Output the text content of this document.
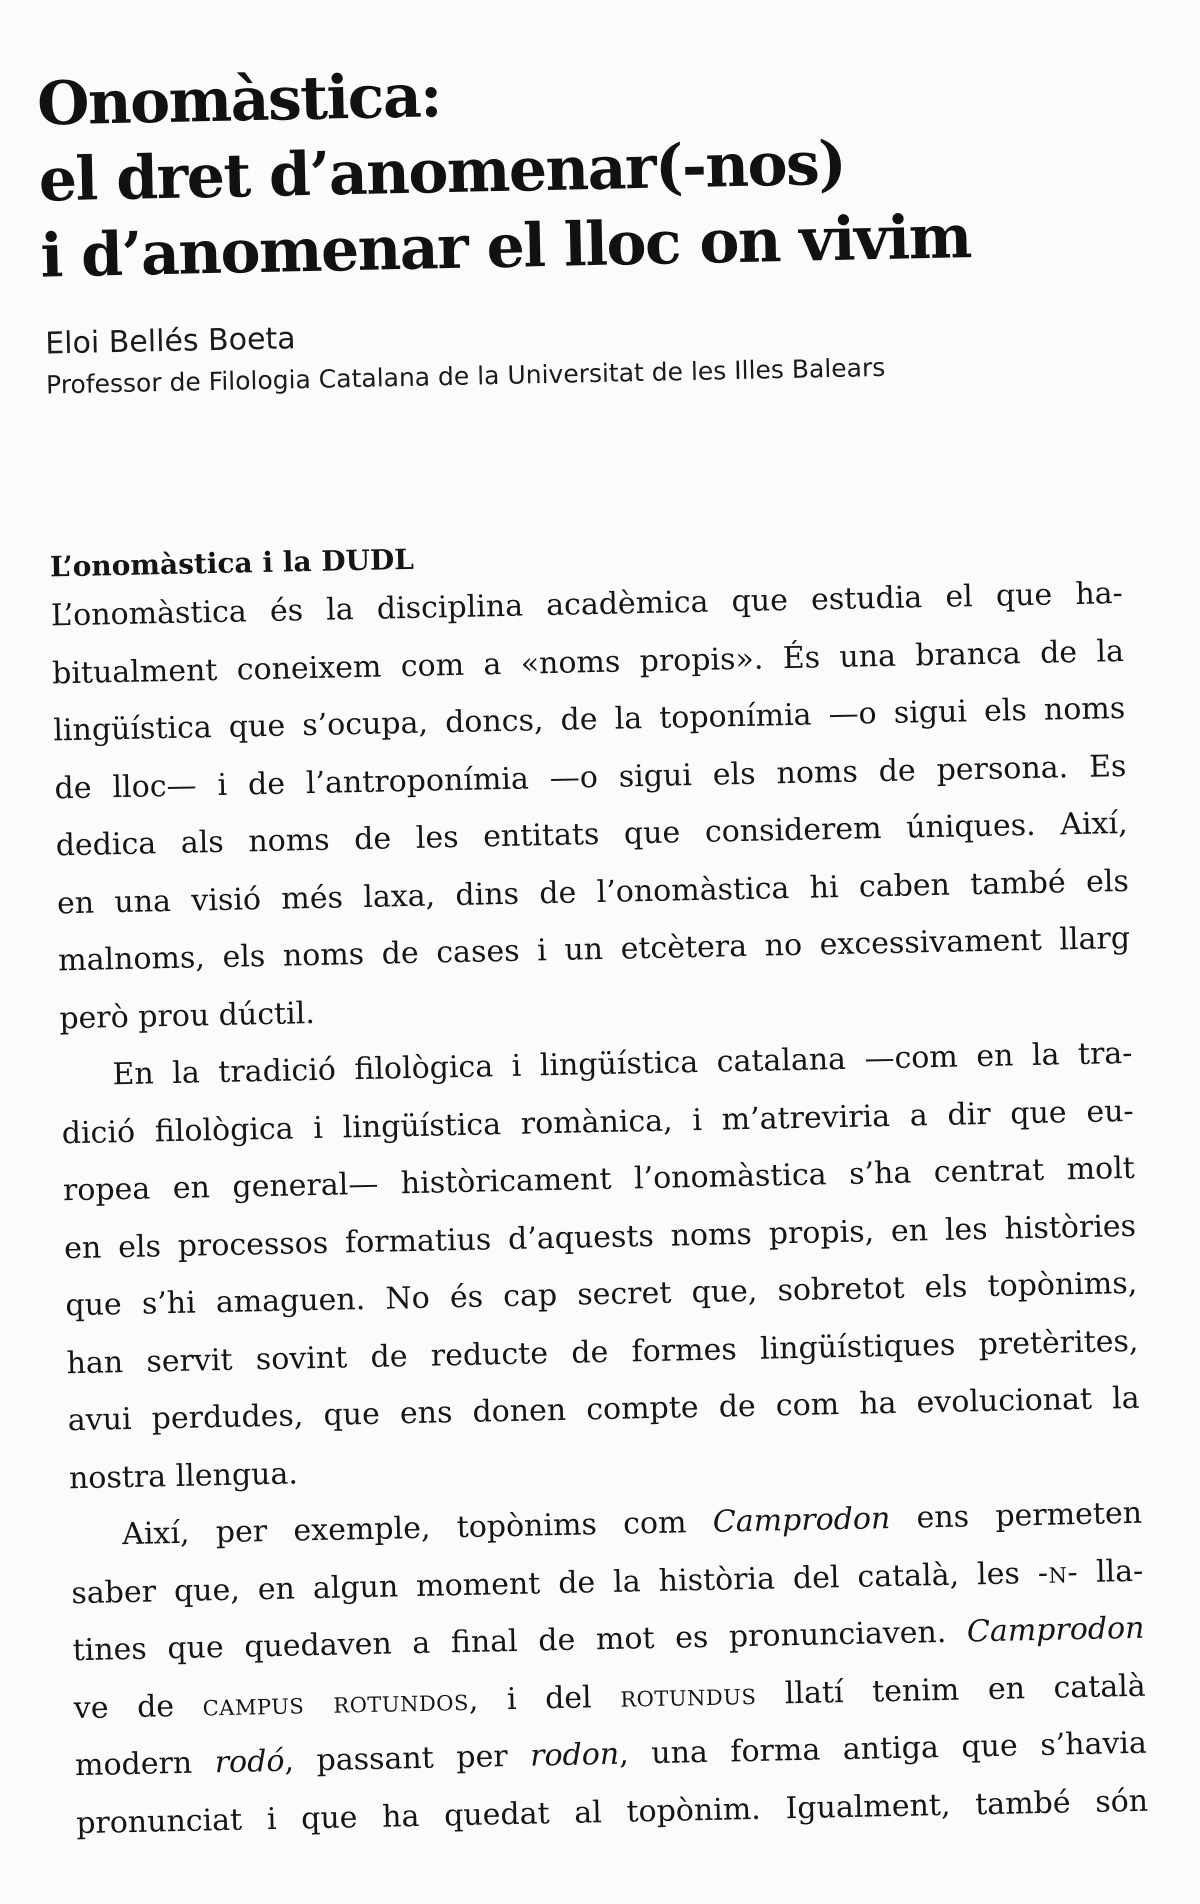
Onomàstica:
el dret d’anomenar(-nos)
i d’anomenar el lloc on vivim
Eloi Bellés Boeta
Professor de Filologia Catalana de la Universitat de les Illes Balears
L’onomàstica i la DUDL

L’onomàstica és la disciplina acadèmica que estudia el que ha-
bitualment coneixem com a «noms propis». És una branca de la
lingüística que s’ocupa, doncs, de la toponímia —o sigui els noms
de lloc— i de l’antroponímia —o sigui els noms de persona. Es
dedica als noms de les entitats que considerem úniques. Així,
en una visió més laxa, dins de l’onomàstica hi caben també els
malnoms, els noms de cases i un etcètera no excessivament llarg
però prou dúctil.

En la tradició filològica i lingüística catalana —com en la tra-
dició filològica i lingüística romànica, i m’atreviria a dir que eu-
ropea en general— històricament l’onomàstica s’ha centrat molt
en els processos formatius d’aquests noms propis, en les històries
que s’hi amaguen. No és cap secret que, sobretot els topònims,
han servit sovint de reducte de formes lingüístiques pretèrites,
avui perdudes, que ens donen compte de com ha evolucionat la
nostra llengua.

Així, per exemple, topònims com Camprodon ens permeten
saber que, en algun moment de la història del català, les -n- lla-
tines que quedaven a final de mot es pronunciaven. Camprodon
ve de campus rotundos, i del rotundus llatí tenim en català
modern rodó, passant per rodon, una forma antiga que s’havia
pronunciat i que ha quedat al topònim. Igualment, també són
